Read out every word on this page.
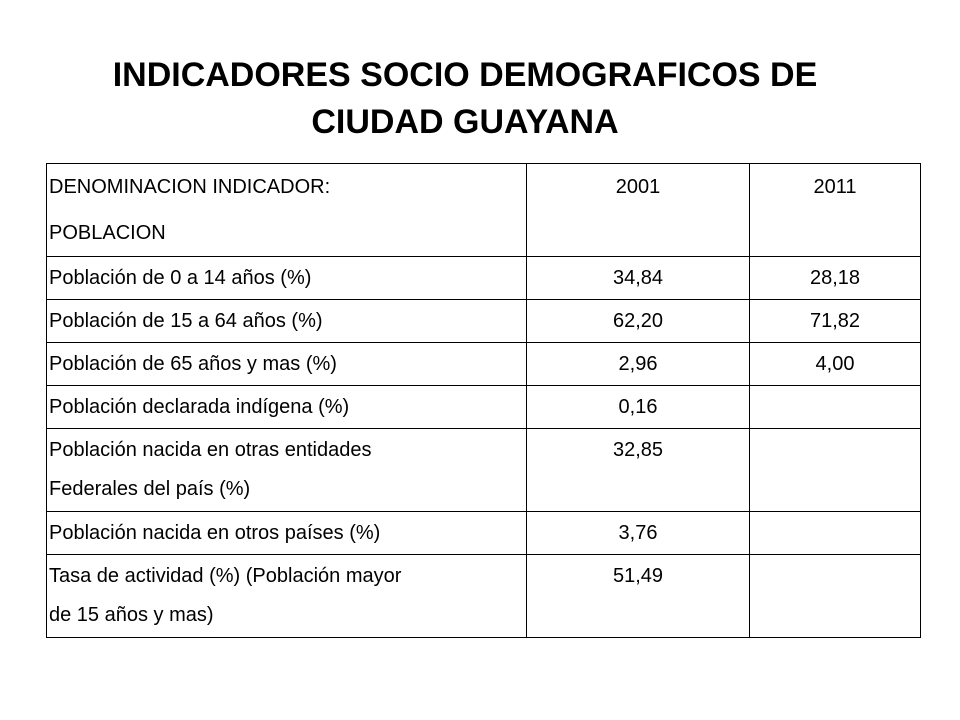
INDICADORES SOCIO DEMOGRAFICOS DE
CIUDAD GUAYANA
DENOMINACION INDICADOR:
POBLACION	2001	2011
Población de 0 a 14 años (%)	34,84	28,18
Población de 15 a 64 años (%)	62,20	71,82
Población de 65 años y mas (%)	2,96	4,00
Población declarada indígena (%)	0,16	

Población nacida en otras entidades
Federales del país (%)	32,85	
Población nacida en otros países (%)	3,76	

Tasa de actividad (%) (Población mayor
de 15 años y mas)	51,49	
